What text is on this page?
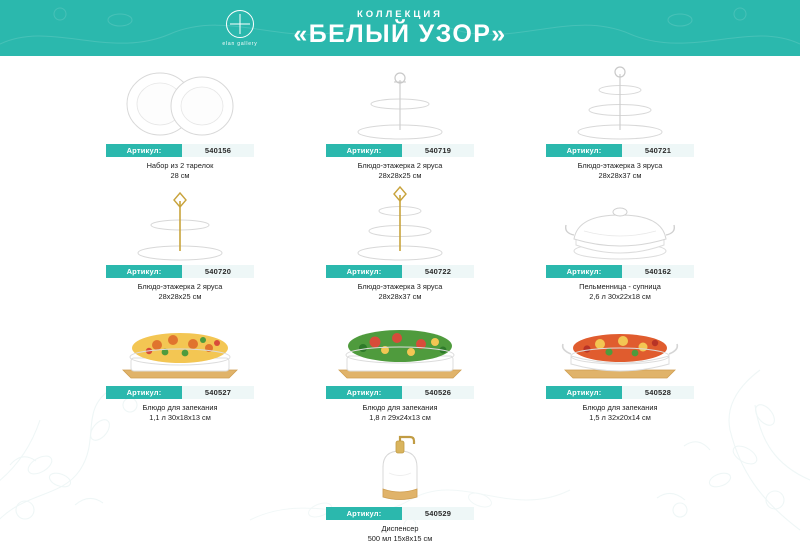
elan gallery
КОЛЛЕКЦИЯ
«БЕЛЫЙ УЗОР»
Артикул:	540156
Набор из 2 тарелок
28 см
Артикул:	540719
Блюдо-этажерка 2 яруса
28х28х25 см
Артикул:	540721
Блюдо-этажерка 3 яруса
28х28х37 см
Артикул:	540720
Блюдо-этажерка 2 яруса
28х28х25 см
Артикул:	540722
Блюдо-этажерка 3 яруса
28х28х37 см
Артикул:	540162
Пельменница - супница
2,6 л 30х22х18 см
Артикул:	540527
Блюдо для запекания
1,1 л 30х18х13 см
Артикул:	540526
Блюдо для запекания
1,8 л 29х24х13 см
Артикул:	540528
Блюдо для запекания
1,5 л 32х20х14 см
Артикул:	540529
Диспенсер
500 мл 15х8х15 см
